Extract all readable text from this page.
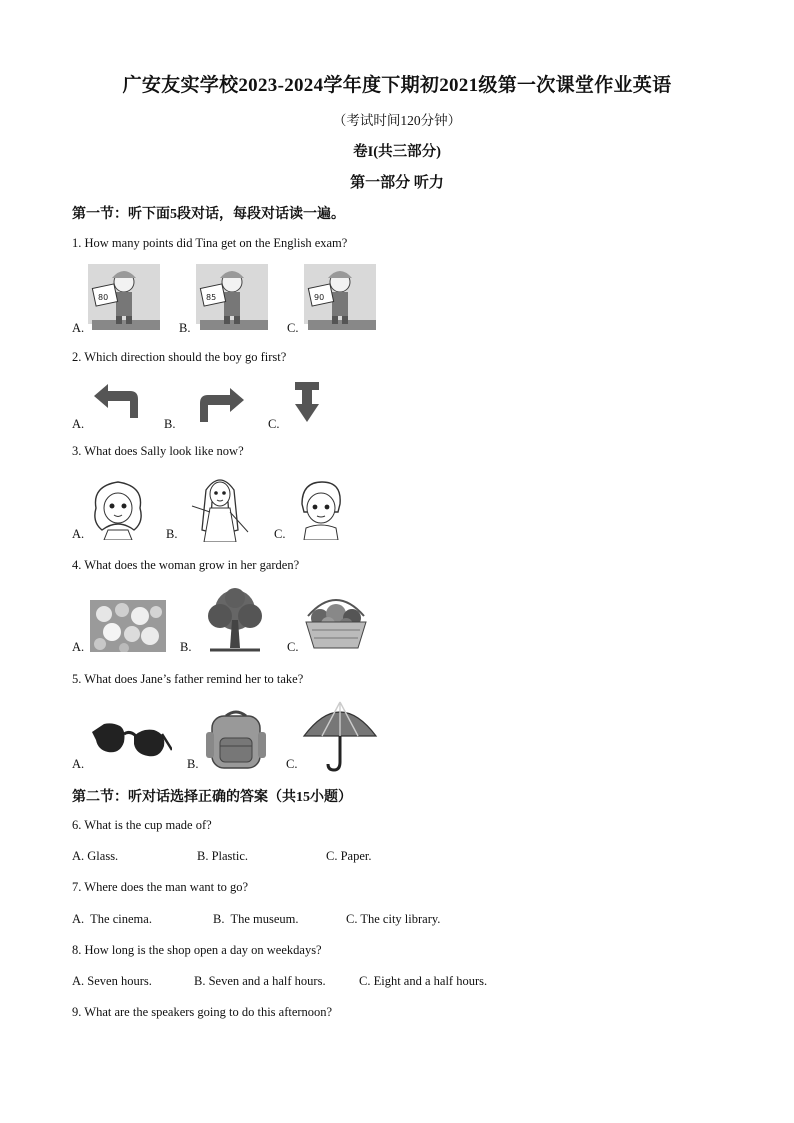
广安友实学校2023-2024学年度下期初2021级第一次课堂作业英语
（考试时间120分钟）
卷I(共三部分)
第一部分 听力
第一节：听下面5段对话，每段对话读一遍。
1. How many points did Tina get on the English exam?
A.	B.	C.
80	85	90
2. Which direction should the boy go first?
A.	B.	C.
3. What does Sally look like now?
A.	B.	C.
4. What does the woman grow in her garden?
A.	B.	C.
5. What does Jane’s father remind her to take?
A.	B.	C.
第二节：听对话选择正确的答案（共15小题）
6. What is the cup made of?
A. Glass.	B. Plastic.	C. Paper.
7. Where does the man want to go?
A.  The cinema.	B.  The museum.	C. The city library.
8. How long is the shop open a day on weekdays?
A. Seven hours.	B. Seven and a half hours.	C. Eight and a half hours.
9. What are the speakers going to do this afternoon?
